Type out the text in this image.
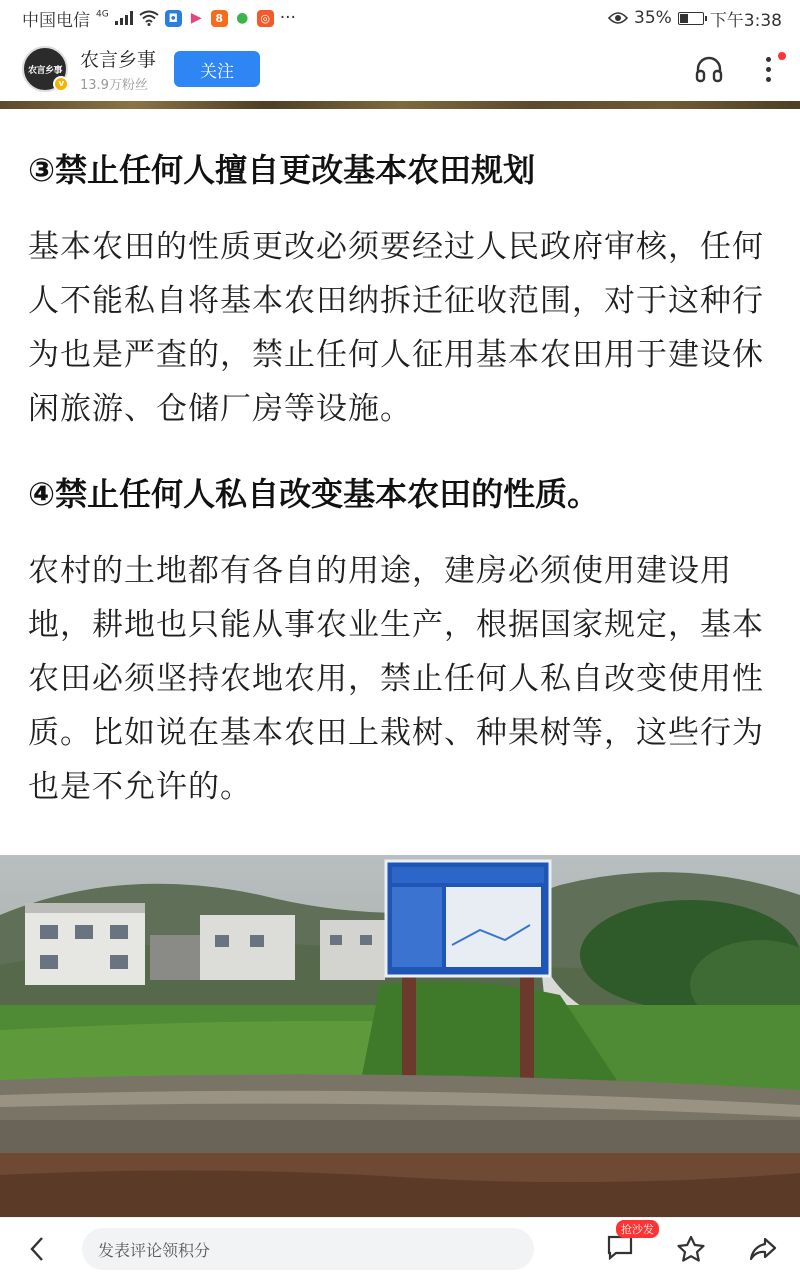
中国电信 $^{4G}$	◘ ▶	8 ●	◎ ···	35% 下午3:38
农言乡事
v
农言乡事
13.9万粉丝
关注
③禁止任何人擅自更改基本农田规划
基本农田的性质更改必须要经过人民政府审核，任何人不能私自将基本农田纳拆迁征收范围，对于这种行为也是严查的，禁止任何人征用基本农田用于建设休闲旅游、仓储厂房等设施。
④禁止任何人私自改变基本农田的性质。
农村的土地都有各自的用途，建房必须使用建设用地，耕地也只能从事农业生产，根据国家规定，基本农田必须坚持农地农用，禁止任何人私自改变使用性质。比如说在基本农田上栽树、种果树等，这些行为也是不允许的。
发表评论领积分
抢沙发
